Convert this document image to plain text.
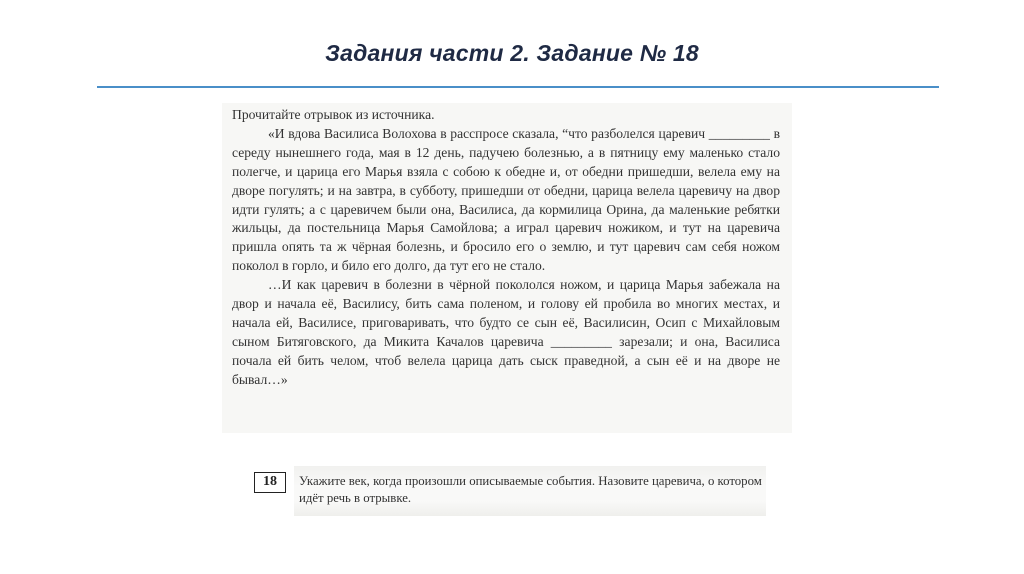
Задания части 2. Задание № 18

Прочитайте отрывок из источника.

«И вдова Василиса Волохова в расспросе сказала, “что разболелся царевич _________ в середу нынешнего года, мая в 12 день, падучею болезнью, а в пятницу ему маленько стало полегче, и царица его Марья взяла с собою к обедне и, от обедни пришедши, велела ему на дворе погулять; и на завтра, в субботу, пришедши от обедни, царица велела царевичу на двор идти гулять; а с царевичем были она, Василиса, да кормилица Орина, да маленькие ребятки жильцы, да постельница Марья Самойлова; а играл царевич ножиком, и тут на царевича пришла опять та ж чёрная болезнь, и бросило его о землю, и тут царевич сам себя ножом поколол в горло, и било его долго, да тут его не стало.

…И как царевич в болезни в чёрной покололся ножом, и царица Марья забежала на двор и начала её, Василису, бить сама поленом, и голову ей пробила во многих местах, и начала ей, Василисе, приговаривать, что будто се сын её, Василисин, Осип с Михайловым сыном Битяговского, да Микита Качалов царевича _________ зарезали; и она, Василиса почала ей бить челом, чтоб велела царица дать сыск праведной, а сын её и на дворе не бывал…»

18	Укажите век, когда произошли описываемые события. Назовите царевича, о котором идёт речь в отрывке.
